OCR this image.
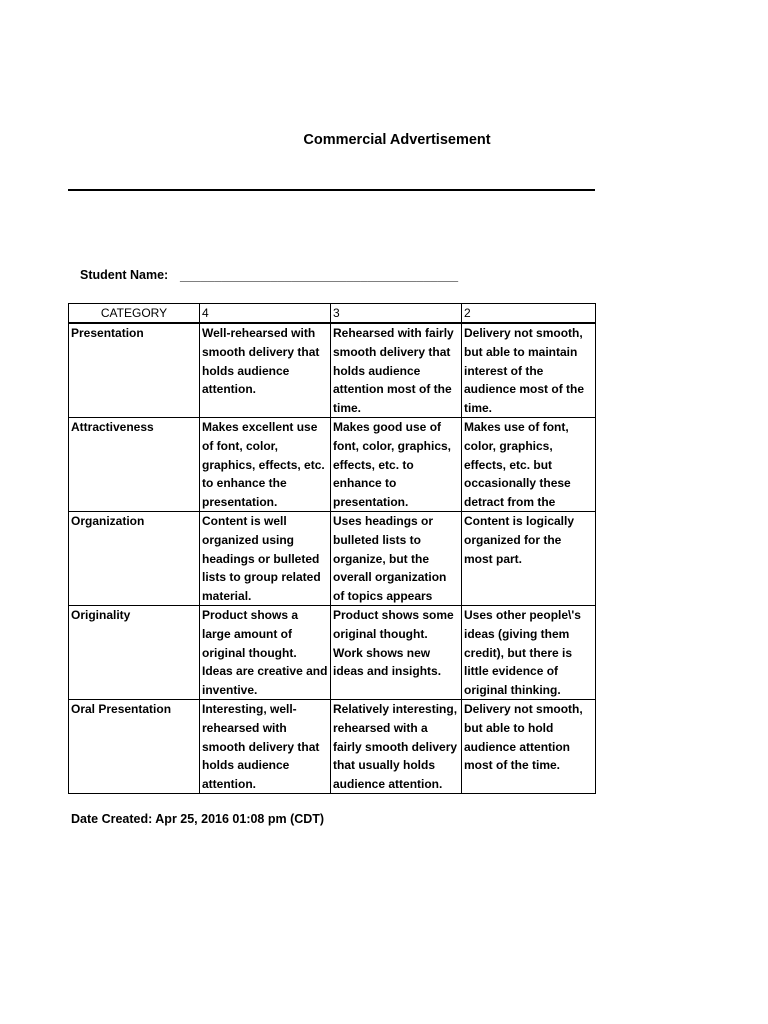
Commercial Advertisement
Student Name: ________________________________________
CATEGORY	4	3	2

Presentation	Well-rehearsed with smooth delivery that holds audience attention.	Rehearsed with fairly smooth delivery that holds audience attention most of the time.	Delivery not smooth, but able to maintain interest of the audience most of the time.

Attractiveness	Makes excellent use of font, color, graphics, effects, etc. to enhance the presentation.	Makes good use of font, color, graphics, effects, etc. to enhance to presentation.	Makes use of font, color, graphics, effects, etc. but occasionally these detract from the

Organization	Content is well organized using headings or bulleted lists to group related material.	Uses headings or bulleted lists to organize, but the overall organization of topics appears	Content is logically organized for the most part.

Originality	Product shows a large amount of original thought. Ideas are creative and inventive.	Product shows some original thought. Work shows new ideas and insights.	Uses other people\'s ideas (giving them credit), but there is little evidence of original thinking.

Oral Presentation	Interesting, well-rehearsed with smooth delivery that holds audience attention.	Relatively interesting, rehearsed with a fairly smooth delivery that usually holds audience attention.	Delivery not smooth, but able to hold audience attention most of the time.
Date Created: Apr 25, 2016 01:08 pm (CDT)
